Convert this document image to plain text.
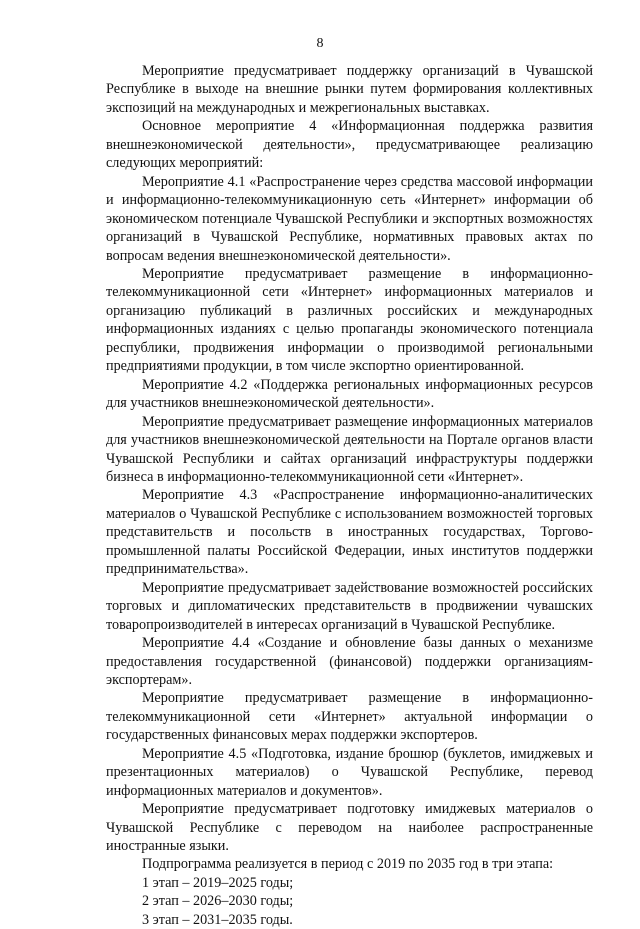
8

Мероприятие предусматривает поддержку организаций в Чувашской Республике в выходе на внешние рынки путем формирования коллективных экспозиций на международных и межрегиональных выставках.

Основное мероприятие 4 «Информационная поддержка развития внешнеэкономической деятельности», предусматривающее реализацию следующих мероприятий:

Мероприятие 4.1 «Распространение через средства массовой информации и информационно-телекоммуникационную сеть «Интернет» информации об экономическом потенциале Чувашской Республики и экспортных возможностях организаций в Чувашской Республике, нормативных правовых актах по вопросам ведения внешнеэкономической деятельности».

Мероприятие предусматривает размещение в информационно-телекоммуникационной сети «Интернет» информационных материалов и организацию публикаций в различных российских и международных информационных изданиях с целью пропаганды экономического потенциала республики, продвижения информации о производимой региональными предприятиями продукции, в том числе экспортно ориентированной.

Мероприятие 4.2 «Поддержка региональных информационных ресурсов для участников внешнеэкономической деятельности».

Мероприятие предусматривает размещение информационных материалов для участников внешнеэкономической деятельности на Портале органов власти Чувашской Республики и сайтах организаций инфраструктуры поддержки бизнеса в информационно-телекоммуникационной сети «Интернет».

Мероприятие 4.3 «Распространение информационно-аналитических материалов о Чувашской Республике с использованием возможностей торговых представительств и посольств в иностранных государствах, Торгово-промышленной палаты Российской Федерации, иных институтов поддержки предпринимательства».

Мероприятие предусматривает задействование возможностей российских торговых и дипломатических представительств в продвижении чувашских товаропроизводителей в интересах организаций в Чувашской Республике.

Мероприятие 4.4 «Создание и обновление базы данных о механизме предоставления государственной (финансовой) поддержки организациям-экспортерам».

Мероприятие предусматривает размещение в информационно-телекоммуникационной сети «Интернет» актуальной информации о государственных финансовых мерах поддержки экспортеров.

Мероприятие 4.5 «Подготовка, издание брошюр (буклетов, имиджевых и презентационных материалов) о Чувашской Республике, перевод информационных материалов и документов».

Мероприятие предусматривает подготовку имиджевых материалов о Чувашской Республике с переводом на наиболее распространенные иностранные языки.

Подпрограмма реализуется в период с 2019 по 2035 год в три этапа:

1 этап – 2019–2025 годы;

2 этап – 2026–2030 годы;

3 этап – 2031–2035 годы.
